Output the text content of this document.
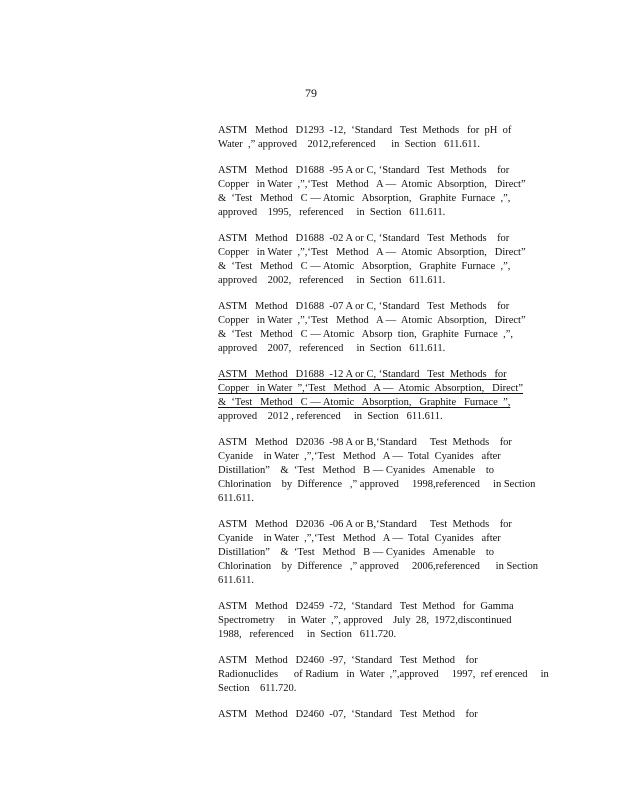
79
ASTM   Method   D1293  -12,  ‘Standard   Test  Methods   for  pH  of
Water  ,” approved    2012,referenced      in  Section   611.611.
ASTM   Method   D1688  -95 A or C, ‘Standard   Test  Methods    for
Copper   in Water  ,”,‘Test   Method   A —  Atomic  Absorption,   Direct”
&  ‘Test   Method   C — Atomic   Absorption,   Graphite  Furnace  ,”,
approved    1995,   referenced     in  Section   611.611.
ASTM   Method   D1688  -02 A or C, ‘Standard   Test  Methods    for
Copper   in Water  ,”,‘Test   Method   A —  Atomic  Absorption,   Direct”
&  ‘Test   Method   C — Atomic   Absorption,   Graphite  Furnace  ,”,
approved    2002,   referenced     in  Section   611.611.
ASTM   Method   D1688  -07 A or C, ‘Standard   Test  Methods    for
Copper   in Water  ,”,‘Test   Method   A —  Atomic  Absorption,   Direct”
&  ‘Test   Method   C — Atomic   Absorp  tion,  Graphite  Furnace  ,”,
approved    2007,   referenced     in  Section   611.611.
ASTM   Method   D1688  -12 A or C, ‘Standard   Test  Methods   for
Copper   in Water  ”,‘Test   Method   A —  Atomic  Absorption,   Direct”
&  ‘Test   Method   C — Atomic   Absorption,   Graphite   Furnace  ”,
approved    2012 , referenced     in  Section   611.611.
ASTM   Method   D2036  -98 A or B,‘Standard     Test  Methods    for
Cyanide    in Water  ,”,‘Test   Method   A —  Total  Cyanides   after
Distillation”    &  ‘Test   Method   B — Cyanides   Amenable    to
Chlorination    by  Difference   ,” approved     1998,referenced     in Section
611.611.
ASTM   Method   D2036  -06 A or B,‘Standard     Test  Methods    for
Cyanide    in Water  ,”,‘Test   Method   A —  Total  Cyanides   after
Distillation”    &  ‘Test   Method   B — Cyanides   Amenable    to
Chlorination    by  Difference   ,” approved     2006,referenced      in Section
611.611.
ASTM   Method   D2459  -72,  ‘Standard   Test  Method   for  Gamma
Spectrometry     in  Water  ,”, approved    July  28,  1972,discontinued
1988,   referenced     in  Section   611.720.
ASTM   Method   D2460  -97,  ‘Standard   Test  Method    for
Radionuclides      of Radium   in  Water  ,”,approved     1997,  ref erenced     in
Section    611.720.
ASTM   Method   D2460  -07,  ‘Standard   Test  Method    for
